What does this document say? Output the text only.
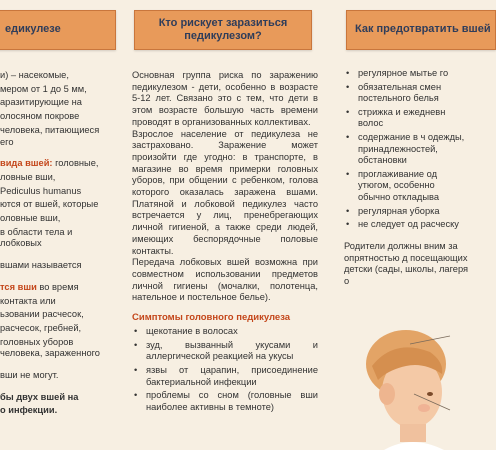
едикулезе

и) – насекомые,

мером от 1 до 5 мм,

аразитирующие на

олосяном покрове

человека, питающиеся его

вида вшей: головные,

ловные вши,

Pediculus humanus

ются от вшей, которые

оловные вши,

в области тела и лобковых

вшами называется

тся вши во время

контакта или

ьзовании расчесок,

расчесок, гребней,

головных уборов человека, зараженного

вши не могут.

бы двух вшей на

о инфекции.

Кто рискует заразиться педикулезом?

Основная группа риска по заражению педикулезом - дети, особенно в возрасте 5-12 лет. Связано это с тем, что дети в этом возрасте большую часть времени проводят в организованных коллективах.

Взрослое население от педикулеза не застраховано. Заражение может произойти где угодно: в транспорте, в магазине во время примерки головных уборов, при общении с ребенком, голова которого оказалась заражена вшами. Платяной и лобковой педикулез часто встречается у лиц, пренебрегающих личной гигиеной, а также среди людей, имеющих беспорядочные половые контакты.

Передача лобковых вшей возможна при совместном использовании предметов личной гигиены (мочалки, полотенца, нательное и постельное белье).

Симптомы головного педикулеза
• щекотание в волосах
• зуд, вызванный укусами и аллергической реакцией на укусы
• язвы от царапин, присоединение бактериальной инфекции
• проблемы со сном (головные вши наиболее активны в темноте)
Как предотвратить вшей
• регулярное мытье го
• обязательная смен постельного белья
• стрижка и ежедневн волос
• содержание в ч одежды, принадлежностей, обстановки
• проглаживание од утюгом, особенно обычно откладыва
• регулярная уборка
• не следует од расческу

Родители должны вним за опрятностью д посещающих детски (сады, школы, лагеря о
